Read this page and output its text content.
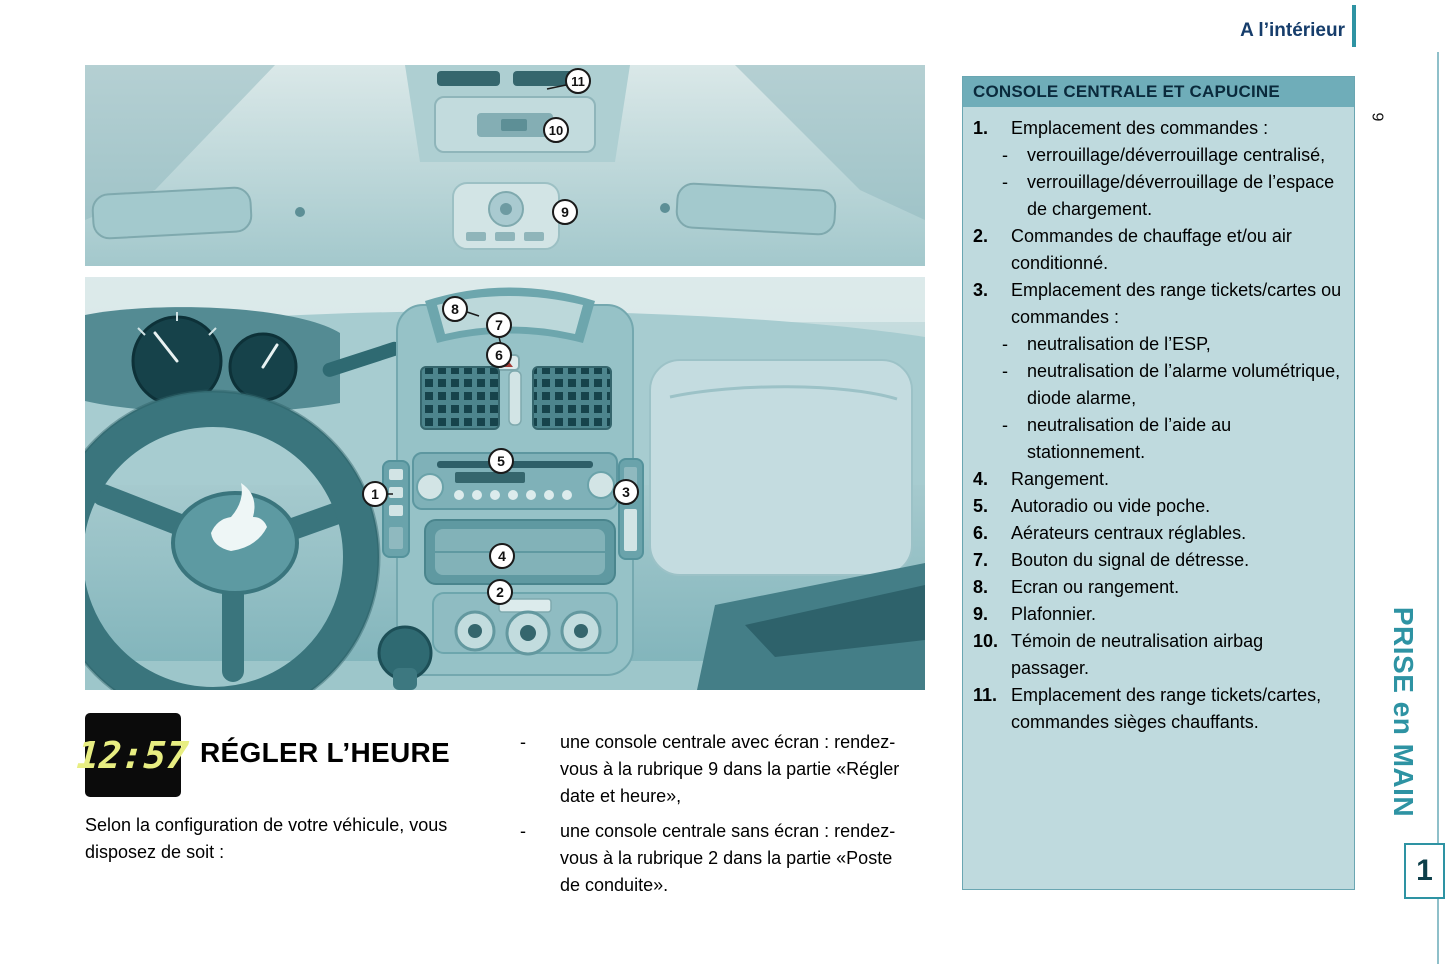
A l’intérieur
9
PRISE en MAIN
1
11
10
9
8
7
6
5
1	3
4
2
CONSOLE CENTRALE ET CAPUCINE
1.	Emplacement des commandes :
-
verrouillage/déverrouillage centralisé,
-
verrouillage/déverrouillage de l’espace de chargement.
2.	Commandes de chauffage et/ou air conditionné.
3.	Emplacement des range tickets/cartes ou commandes :
-
neutralisation de l’ESP,
-
neutralisation de l’alarme volumétrique, diode alarme,
-
neutralisation de l’aide au stationnement.
4.	Rangement.
5.	Autoradio ou vide poche.
6.	Aérateurs centraux réglables.
7.	Bouton du signal de détresse.
8.	Ecran ou rangement.
9.	Plafonnier.
10. Témoin de neutralisation airbag passager.
11. Emplacement des range tickets/cartes, commandes sièges chauffants.
12:57 RÉGLER L’HEURE
Selon la configuration de votre véhicule, vous disposez de soit :
-
une console centrale avec écran : rendez-vous à la rubrique 9 dans la partie «Régler date et heure»,
-
une console centrale sans écran : rendez-vous à la rubrique 2 dans la partie «Poste de conduite».
